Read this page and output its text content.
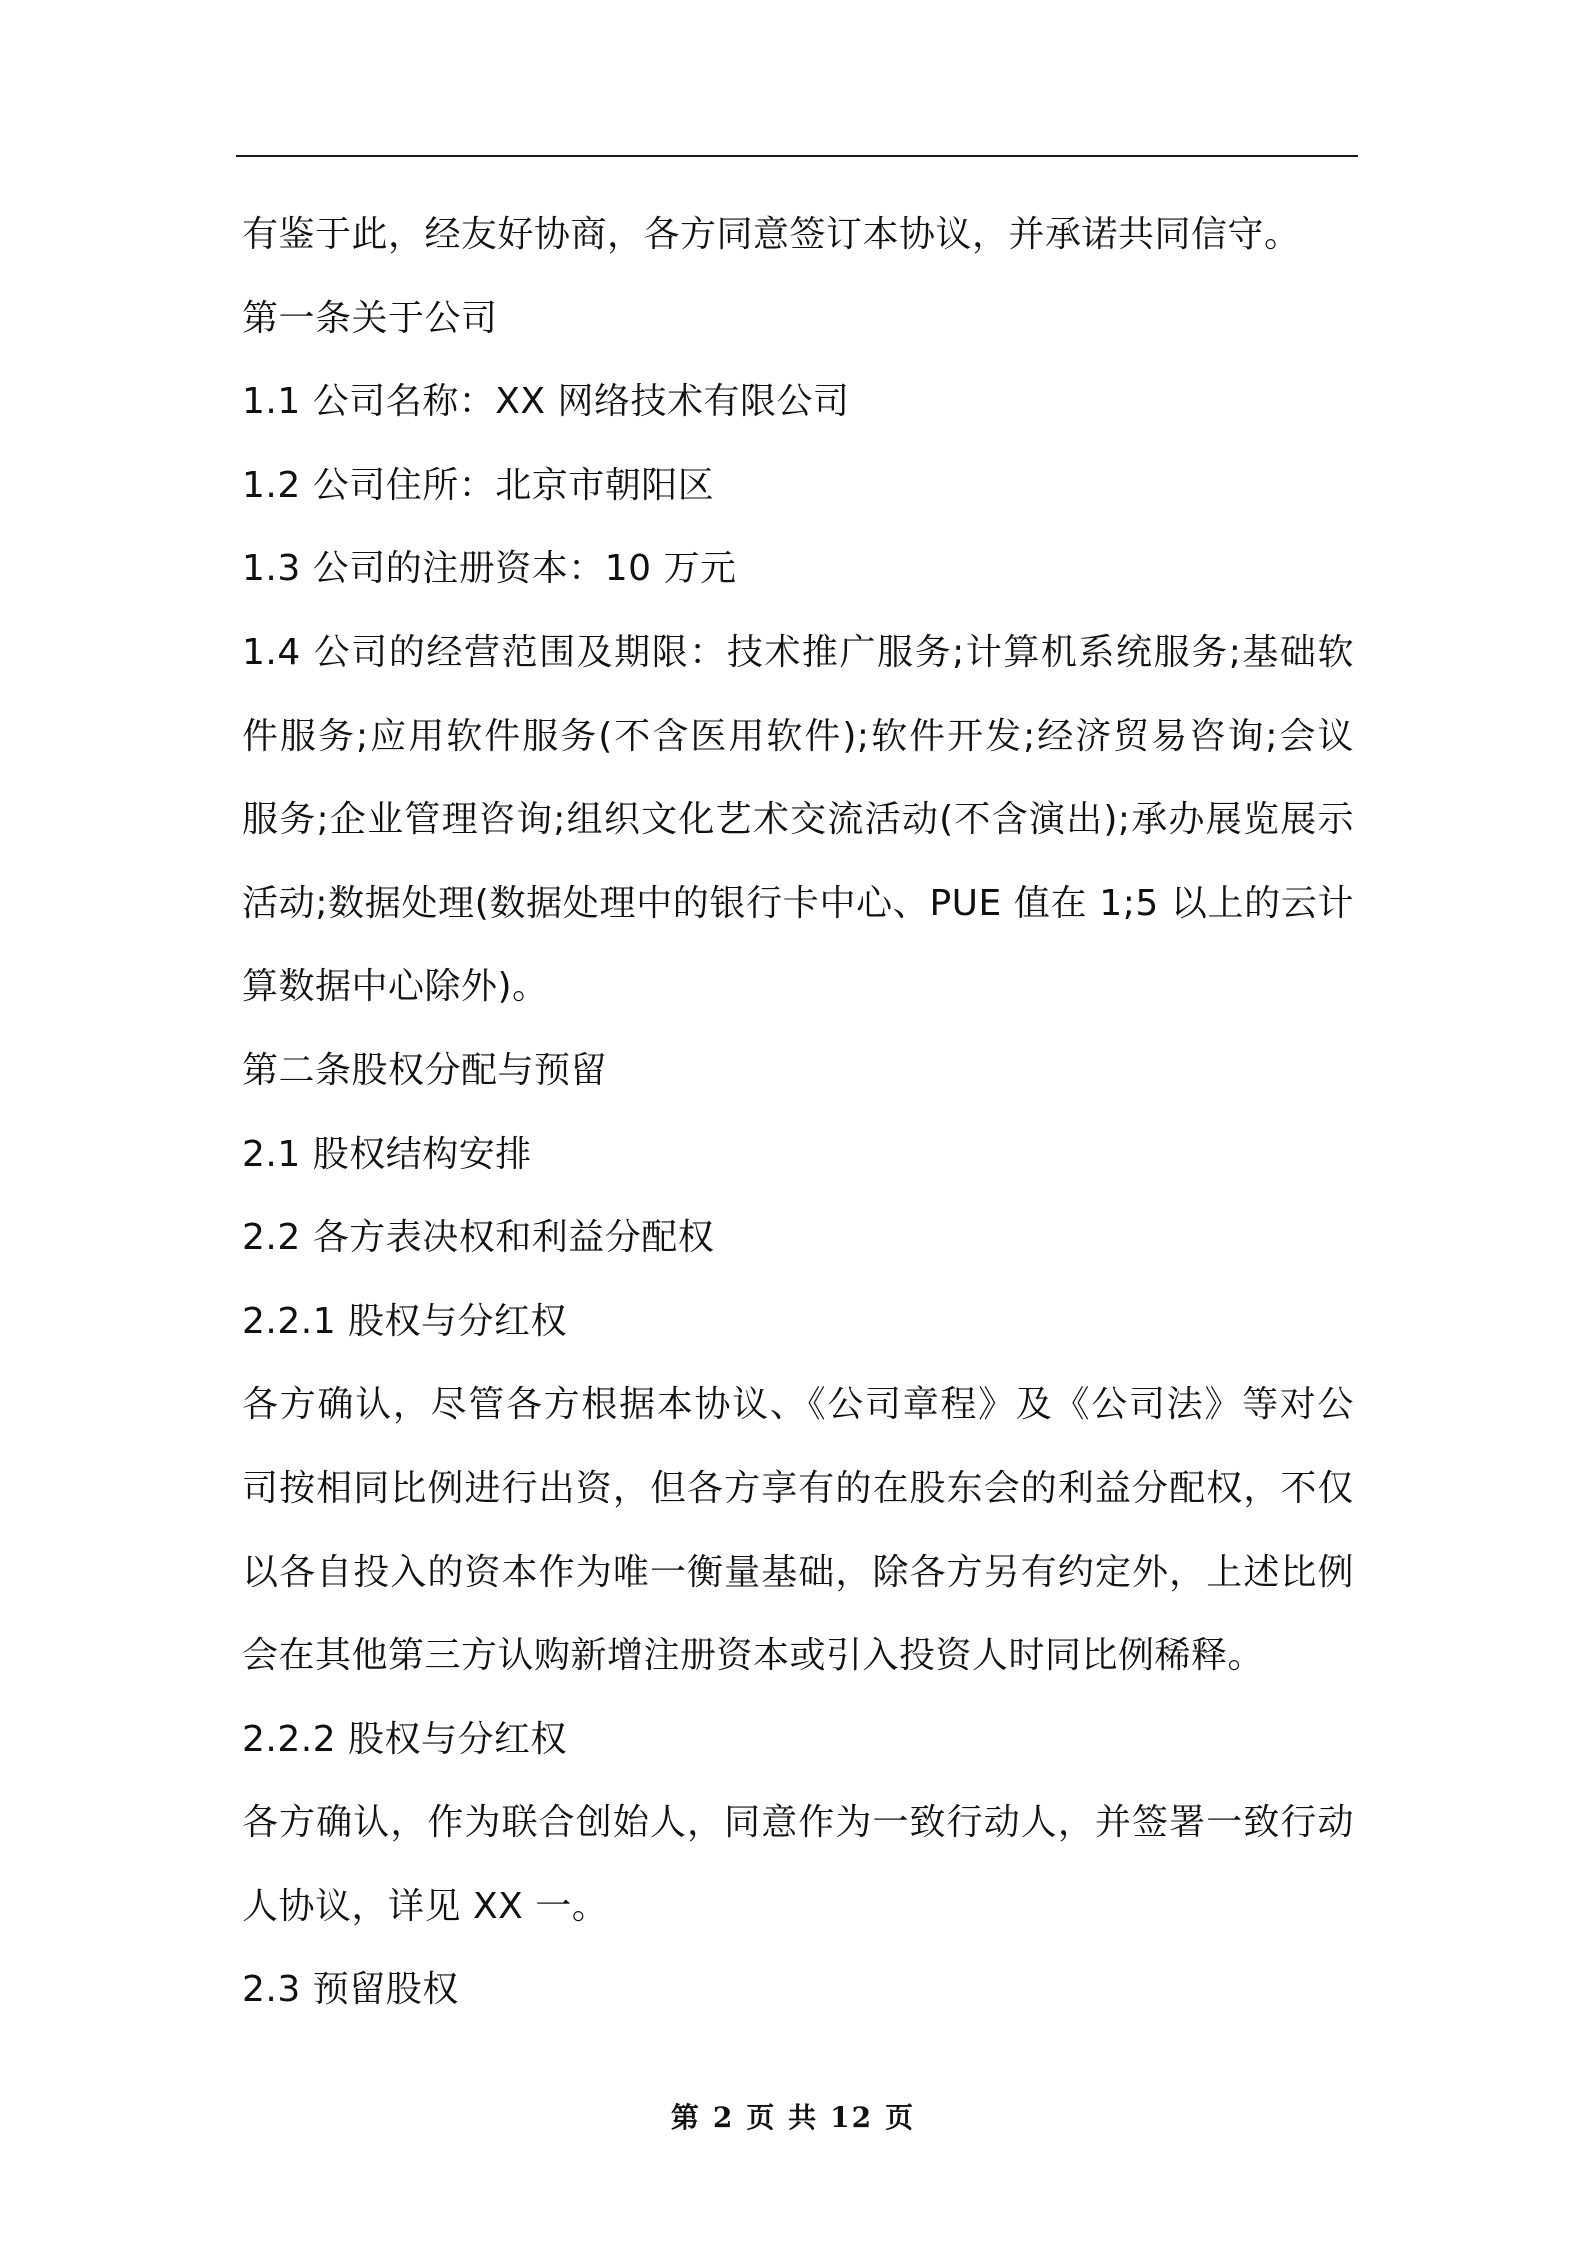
有鉴于此，经友好协商，各方同意签订本协议，并承诺共同信守。
第一条关于公司
1.1 公司名称：XX 网络技术有限公司
1.2 公司住所：北京市朝阳区
1.3 公司的注册资本：10 万元
1.4 公司的经营范围及期限：技术推广服务;计算机系统服务;基础软
件服务;应用软件服务(不含医用软件);软件开发;经济贸易咨询;会议
服务;企业管理咨询;组织文化艺术交流活动(不含演出);承办展览展示
活动;数据处理(数据处理中的银行卡中心、PUE 值在 1;5 以上的云计
算数据中心除外)。
第二条股权分配与预留
2.1 股权结构安排
2.2 各方表决权和利益分配权
2.2.1 股权与分红权
各方确认，尽管各方根据本协议、《公司章程》及《公司法》等对公
司按相同比例进行出资，但各方享有的在股东会的利益分配权，不仅
以各自投入的资本作为唯一衡量基础，除各方另有约定外，上述比例
会在其他第三方认购新增注册资本或引入投资人时同比例稀释。
2.2.2 股权与分红权
各方确认，作为联合创始人，同意作为一致行动人，并签署一致行动
人协议，详见 XX 一。
2.3 预留股权
第 2 页 共 12 页
